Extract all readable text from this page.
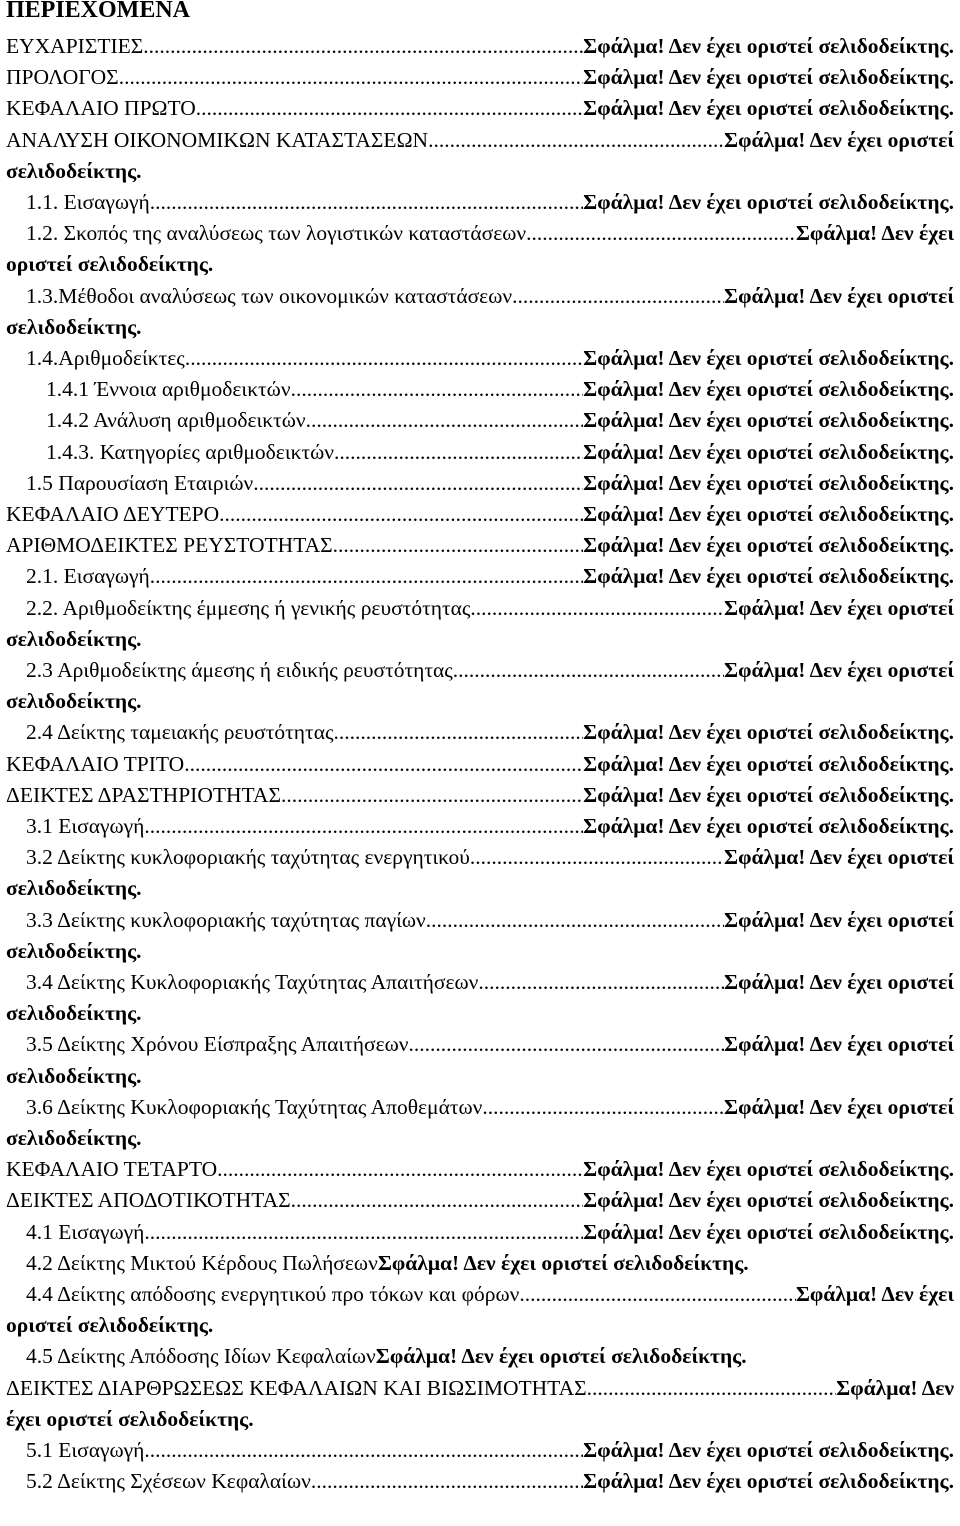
ΠΕΡΙΕΧΟΜΕΝΑ
ΕΥΧΑΡΙΣΤΙΕΣ .....	Σφάλμα! Δεν έχει οριστεί σελιδοδείκτης.
ΠΡΟΛΟΓΟΣ .....	Σφάλμα! Δεν έχει οριστεί σελιδοδείκτης.
ΚΕΦΑΛΑΙΟ ΠΡΩΤΟ .....	Σφάλμα! Δεν έχει οριστεί σελιδοδείκτης.
ΑΝΑΛΥΣΗ ΟΙΚΟΝΟΜΙΚΩΝ ΚΑΤΑΣΤΑΣΕΩΝ .....	Σφάλμα! Δεν έχει οριστεί
σελιδοδείκτης.
1.1. Εισαγωγή .....	Σφάλμα! Δεν έχει οριστεί σελιδοδείκτης.
1.2. Σκοπός της αναλύσεως των λογιστικών καταστάσεων .....	Σφάλμα! Δεν έχει
οριστεί σελιδοδείκτης.
1.3.Μέθοδοι αναλύσεως των οικονομικών καταστάσεων .....	Σφάλμα! Δεν έχει οριστεί
σελιδοδείκτης.
1.4.Αριθμοδείκτες .....	Σφάλμα! Δεν έχει οριστεί σελιδοδείκτης.
1.4.1 Έννοια αριθμοδεικτών .....	Σφάλμα! Δεν έχει οριστεί σελιδοδείκτης.
1.4.2 Ανάλυση αριθμοδεικτών .....	Σφάλμα! Δεν έχει οριστεί σελιδοδείκτης.
1.4.3. Κατηγορίες αριθμοδεικτών .....	Σφάλμα! Δεν έχει οριστεί σελιδοδείκτης.
1.5 Παρουσίαση Εταιριών .....	Σφάλμα! Δεν έχει οριστεί σελιδοδείκτης.
ΚΕΦΑΛΑΙΟ ΔΕΥΤΕΡΟ .....	Σφάλμα! Δεν έχει οριστεί σελιδοδείκτης.
ΑΡΙΘΜΟΔΕΙΚΤΕΣ ΡΕΥΣΤΟΤΗΤΑΣ .....	Σφάλμα! Δεν έχει οριστεί σελιδοδείκτης.
2.1. Εισαγωγή .....	Σφάλμα! Δεν έχει οριστεί σελιδοδείκτης.
2.2. Αριθμοδείκτης έμμεσης ή γενικής ρευστότητας .....	Σφάλμα! Δεν έχει οριστεί
σελιδοδείκτης.
2.3 Αριθμοδείκτης άμεσης ή ειδικής ρευστότητας .....	Σφάλμα! Δεν έχει οριστεί
σελιδοδείκτης.
2.4 Δείκτης ταμειακής ρευστότητας .....	Σφάλμα! Δεν έχει οριστεί σελιδοδείκτης.
ΚΕΦΑΛΑΙΟ ΤΡΙΤΟ .....	Σφάλμα! Δεν έχει οριστεί σελιδοδείκτης.
ΔΕΙΚΤΕΣ ΔΡΑΣΤΗΡΙΟΤΗΤΑΣ .....	Σφάλμα! Δεν έχει οριστεί σελιδοδείκτης.
3.1 Εισαγωγή .....	Σφάλμα! Δεν έχει οριστεί σελιδοδείκτης.
3.2 Δείκτης κυκλοφοριακής ταχύτητας ενεργητικού .....	Σφάλμα! Δεν έχει οριστεί
σελιδοδείκτης.
3.3 Δείκτης κυκλοφοριακής ταχύτητας παγίων .....	Σφάλμα! Δεν έχει οριστεί
σελιδοδείκτης.
3.4 Δείκτης Κυκλοφοριακής Ταχύτητας Απαιτήσεων .....	Σφάλμα! Δεν έχει οριστεί
σελιδοδείκτης.
3.5 Δείκτης Χρόνου Είσπραξης Απαιτήσεων .....	Σφάλμα! Δεν έχει οριστεί
σελιδοδείκτης.
3.6 Δείκτης Κυκλοφοριακής Ταχύτητας Αποθεμάτων .....	Σφάλμα! Δεν έχει οριστεί
σελιδοδείκτης.
ΚΕΦΑΛΑΙΟ ΤΕΤΑΡΤΟ .....	Σφάλμα! Δεν έχει οριστεί σελιδοδείκτης.
ΔΕΙΚΤΕΣ ΑΠΟΔΟΤΙΚΟΤΗΤΑΣ .....	Σφάλμα! Δεν έχει οριστεί σελιδοδείκτης.
4.1 Εισαγωγή .....	Σφάλμα! Δεν έχει οριστεί σελιδοδείκτης.
4.2 Δείκτης Μικτού Κέρδους Πωλήσεων Σφάλμα! Δεν έχει οριστεί σελιδοδείκτης.
4.4 Δείκτης απόδοσης ενεργητικού προ τόκων και φόρων .....	Σφάλμα! Δεν έχει
οριστεί σελιδοδείκτης.
4.5 Δείκτης Απόδοσης Ιδίων Κεφαλαίων Σφάλμα! Δεν έχει οριστεί σελιδοδείκτης.
ΔΕΙΚΤΕΣ ΔΙΑΡΘΡΩΣΕΩΣ ΚΕΦΑΛΑΙΩΝ ΚΑΙ ΒΙΩΣΙΜΟΤΗΤΑΣ .....	Σφάλμα! Δεν
έχει οριστεί σελιδοδείκτης.
5.1 Εισαγωγή .....	Σφάλμα! Δεν έχει οριστεί σελιδοδείκτης.
5.2 Δείκτης Σχέσεων Κεφαλαίων .....	Σφάλμα! Δεν έχει οριστεί σελιδοδείκτης.
